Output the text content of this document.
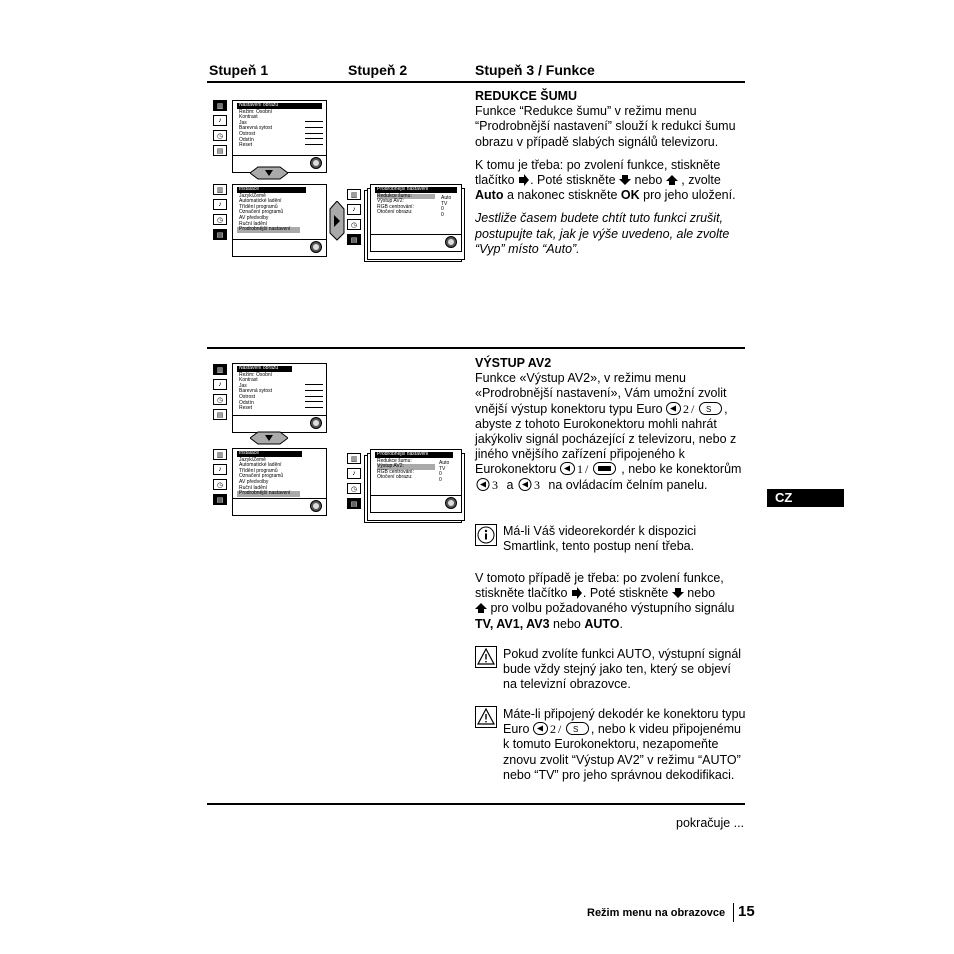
Stupeň 1	Stupeň 2	Stupeň 3 / Funkce
▥
♪
◷
▤
Nastavení obrazu
Režim: Osobní
Kontrast
Jas
Barevná sytost
Ostrost
Odstín
Reset
▥
♪
◷
▤
Instalace
Jazyk/Země
Automatické ladění
Třídění programů
Označení programů
AV předvolby
Ruční ladění
Prodrobnější nastavení
▥
♪
◷
▤
Prodrobnější nastavení
Redukce šumu:
Výstup AV2:
RGB centrování:
Otočení obrazu:
Auto
TV
0
0
REDUKCE ŠUMU

Funkce “Redukce šumu” v režimu menu “Prodrobnější nastavení” slouží k redukci šumu obrazu v případě slabých signálů televizoru.

K tomu je třeba: po zvolení funkce, stiskněte tlačítko . Poté stiskněte  nebo  , zvolte Auto a nakonec stiskněte OK pro jeho uložení.

Jestliže časem budete chtít tuto funkci zrušit, postupujte tak, jak je výše uvedeno, ale zvolte “Vyp” místo “Auto”.

▥
♪
◷
▤
Nastavení obrazu
Režim: Osobní
Kontrast
Jas
Barevná sytost
Ostrost
Odstín
Reset
▥
♪
◷
▤
Instalace
Jazyk/Země
Automatické ladění
Třídění programů
Označení programů
AV předvolby
Ruční ladění
Prodrobnější nastavení
▥
♪
◷
▤
Prodrobnější nastavení
Redukce šumu:
Výstup AV2:
RGB centrování:
Otočení obrazu:
Auto
TV
0
0
VÝSTUP AV2

Funkce «Výstup AV2», v režimu menu «Prodrobnější nastavení», Vám umožní zvolit vnější výstup konektoru typu Euro 2 / S , abyste z tohoto Eurokonektoru mohli nahrát jakýkoliv signál pocházející z televizoru, nebo z jiného vnějšího zařízení připojeného k Eurokonektoru 1 / , nebo ke konektorům
3 a 3 na ovládacím čelním panelu.

Má-li Váš videorekordér k dispozici Smartlink, tento postup není třeba.

V tomoto případě je třeba: po zvolení funkce, stiskněte tlačítko . Poté stiskněte  nebo
pro volbu požadovaného výstupního signálu TV, AV1, AV3 nebo AUTO.

Pokud zvolíte funkci AUTO, výstupní signál bude vždy stejný jako ten, který se objeví na televizní obrazovce.
Máte-li připojený dekodér ke konektoru typu Euro 2 / S , nebo k videu připojenému k tomuto Eurokonektoru, nezapomeňte znovu zvolit “Výstup AV2” v režimu “AUTO” nebo “TV” pro jeho správnou dekodifikaci.
pokračuje ...
CZ
Režim menu na obrazovce 15
